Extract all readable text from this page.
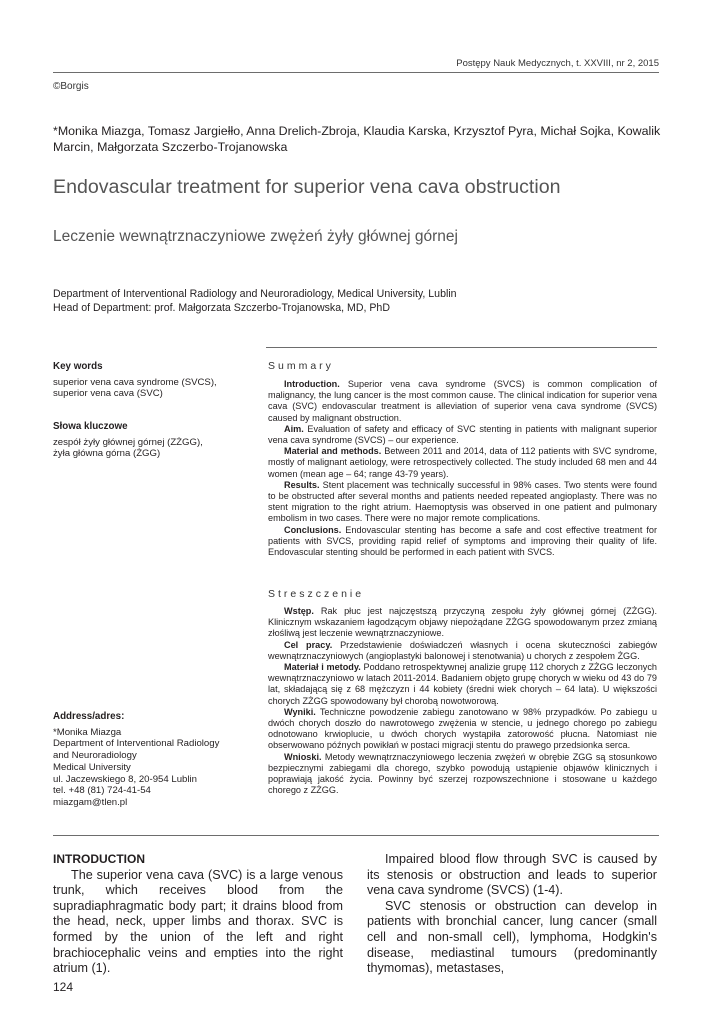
Postępy Nauk Medycznych, t. XXVIII, nr 2, 2015
©Borgis
*Monika Miazga, Tomasz Jargiełło, Anna Drelich-Zbroja, Klaudia Karska, Krzysztof Pyra, Michał Sojka, Kowalik Marcin, Małgorzata Szczerbo-Trojanowska
Endovascular treatment for superior vena cava obstruction
Leczenie wewnątrznaczyniowe zwężeń żyły głównej górnej
Department of Interventional Radiology and Neuroradiology, Medical University, Lublin
Head of Department: prof. Małgorzata Szczerbo-Trojanowska, MD, PhD
Key words
superior vena cava syndrome (SVCS),
superior vena cava (SVC)
Słowa kluczowe
zespół żyły głównej górnej (ZŻGG),
żyła główna górna (ŻGG)
Address/adres:
*Monika Miazga
Department of Interventional Radiology
and Neuroradiology
Medical University
ul. Jaczewskiego 8, 20-954 Lublin
tel. +48 (81) 724-41-54
miazgam@tlen.pl
Summary

Introduction. Superior vena cava syndrome (SVCS) is common complication of malignancy, the lung cancer is the most common cause. The clinical indication for superior vena cava (SVC) endovascular treatment is alleviation of superior vena cava syndrome (SVCS) caused by malignant obstruction.

Aim. Evaluation of safety and efficacy of SVC stenting in patients with malignant superior vena cava syndrome (SVCS) – our experience.

Material and methods. Between 2011 and 2014, data of 112 patients with SVC syndrome, mostly of malignant aetiology, were retrospectively collected. The study included 68 men and 44 women (mean age – 64; range 43-79 years).

Results. Stent placement was technically successful in 98% cases. Two stents were found to be obstructed after several months and patients needed repeated angioplasty. There was no stent migration to the right atrium. Haemoptysis was observed in one patient and pulmonary embolism in two cases. There were no major remote complications.

Conclusions. Endovascular stenting has become a safe and cost effective treatment for patients with SVCS, providing rapid relief of symptoms and improving their quality of life. Endovascular stenting should be performed in each patient with SVCS.

Streszczenie

Wstęp. Rak płuc jest najczęstszą przyczyną zespołu żyły głównej górnej (ZŻGG). Klinicznym wskazaniem łagodzącym objawy niepożądane ZŻGG spowodowanym przez zmianą złośliwą jest leczenie wewnątrznaczyniowe.

Cel pracy. Przedstawienie doświadczeń własnych i ocena skuteczności zabiegów wewnątrznaczyniowych (angioplastyki balonowej i stenotwania) u chorych z zespołem ŻGG.

Materiał i metody. Poddano retrospektywnej analizie grupę 112 chorych z ZŻGG leczonych wewnątrznaczyniowo w latach 2011-2014. Badaniem objęto grupę chorych w wieku od 43 do 79 lat, składającą się z 68 mężczyzn i 44 kobiety (średni wiek chorych – 64 lata). U większości chorych ZŻGG spowodowany był chorobą nowotworową.

Wyniki. Techniczne powodzenie zabiegu zanotowano w 98% przypadków. Po zabiegu u dwóch chorych doszło do nawrotowego zwężenia w stencie, u jednego chorego po zabiegu odnotowano krwioplucie, u dwóch chorych wystąpiła zatorowość płucna. Natomiast nie obserwowano późnych powikłań w postaci migracji stentu do prawego przedsionka serca.

Wnioski. Metody wewnątrznaczyniowego leczenia zwężeń w obrębie ZGG są stosunkowo bezpiecznymi zabiegami dla chorego, szybko powodują ustąpienie objawów klinicznych i poprawiają jakość życia. Powinny być szerzej rozpowszechnione i stosowane u każdego chorego z ZŻGG.

INTRODUCTION

The superior vena cava (SVC) is a large venous trunk, which receives blood from the supradiaphragmatic body part; it drains blood from the head, neck, upper limbs and thorax. SVC is formed by the union of the left and right brachiocephalic veins and empties into the right atrium (1).

Impaired blood flow through SVC is caused by its stenosis or obstruction and leads to superior vena cava syndrome (SVCS) (1-4).

SVC stenosis or obstruction can develop in patients with bronchial cancer, lung cancer (small cell and non-small cell), lymphoma, Hodgkin's disease, mediastinal tumours (predominantly thymomas), metastases,

124
